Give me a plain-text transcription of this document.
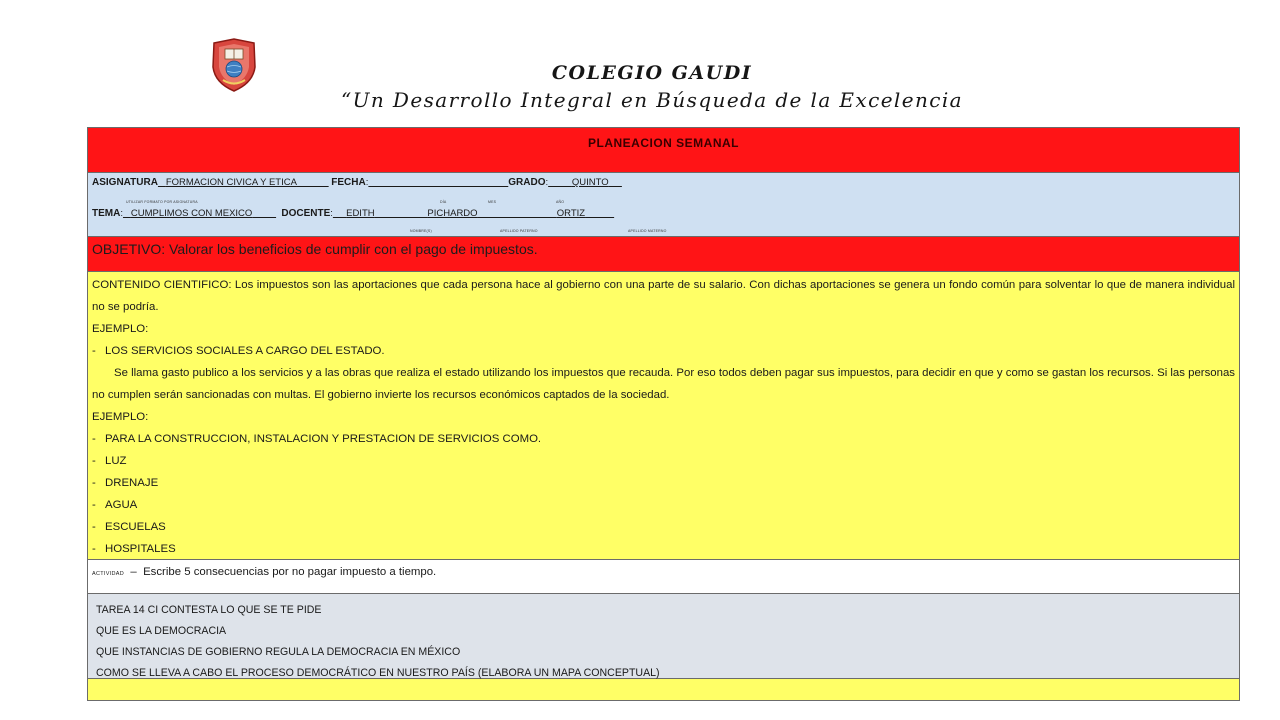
COLEGIO GAUDI
“Un Desarrollo Integral en Búsqueda de la Excelencia
PLANEACION SEMANAL
ASIGNATURA FORMACION CIVICA Y ETICA	FECHA:	GRADO:	QUINTO
UTILIZAR FORMATO POR ASIGNATURA	DÍA	MES	AÑO
TEMA: CUMPLIMOS CON MEXICO	DOCENTE: EDITH	PICHARDO	ORTIZ
NOMBRE(S)	APELLIDO PATERNO	APELLIDO MATERNO
OBJETIVO: Valorar los beneficios de cumplir con el pago de impuestos.

CONTENIDO CIENTIFICO: Los impuestos son las aportaciones que cada persona hace al gobierno con una parte de su salario. Con dichas aportaciones se genera un fondo común para solventar lo que de manera individual no se podría.

EJEMPLO:

- LOS SERVICIOS SOCIALES A CARGO DEL ESTADO.

Se llama gasto publico a los servicios y a las obras que realiza el estado utilizando los impuestos que recauda. Por eso todos deben pagar sus impuestos, para decidir en que y como se gastan los recursos. Si las personas no cumplen serán sancionadas con multas. El gobierno invierte los recursos económicos captados de la sociedad.

EJEMPLO:

- PARA LA CONSTRUCCION, INSTALACION Y PRESTACION DE SERVICIOS COMO.

- LUZ

- DRENAJE

- AGUA

- ESCUELAS

- HOSPITALES

ACTIVIDAD  –  Escribe 5 consecuencias por no pagar impuesto a tiempo.

TAREA 14 CI CONTESTA LO QUE SE TE PIDE

QUE ES LA DEMOCRACIA

QUE INSTANCIAS DE GOBIERNO REGULA LA DEMOCRACIA EN MÉXICO

COMO SE LLEVA A CABO EL PROCESO DEMOCRÁTICO EN NUESTRO PAÍS (ELABORA UN MAPA CONCEPTUAL)
